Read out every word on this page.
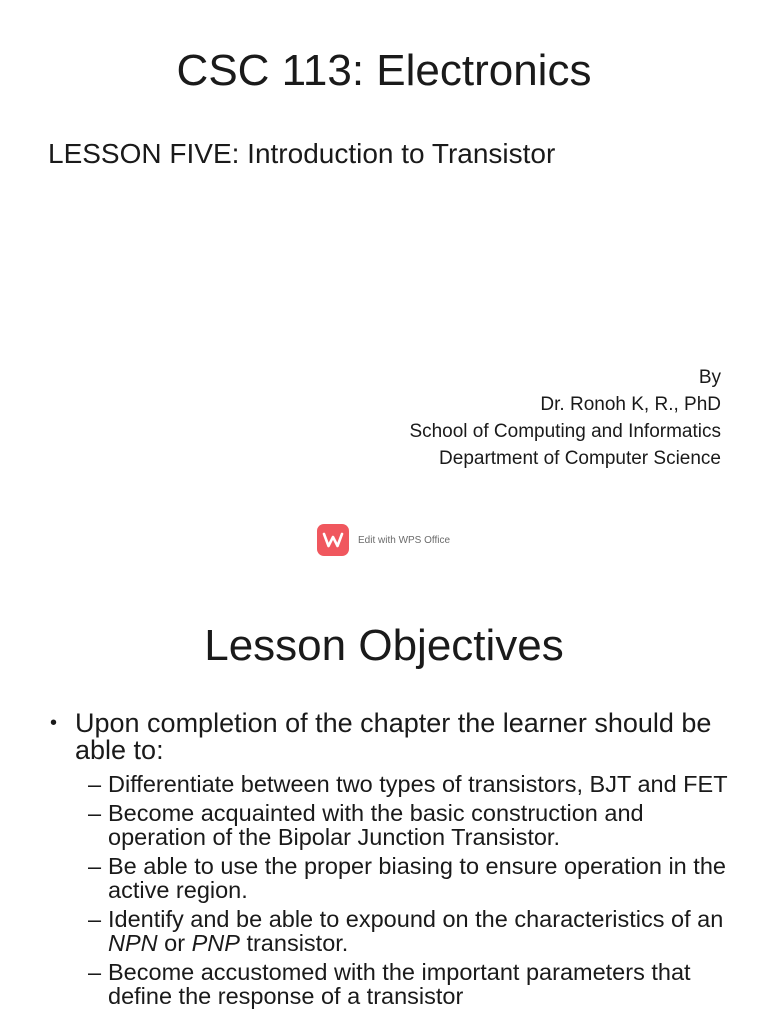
CSC 113: Electronics
LESSON FIVE: Introduction to Transistor
By
Dr. Ronoh K, R., PhD
School of Computing and Informatics
Department of Computer Science
Edit with WPS Office
Lesson Objectives
• Upon completion of the chapter the learner should be able to:
– Differentiate between two types of transistors, BJT and FET
– Become acquainted with the basic construction and operation of the Bipolar Junction Transistor.
– Be able to use the proper biasing to ensure operation in the active region.
– Identify and be able to expound on the characteristics of an NPN or PNP transistor.
– Become accustomed with the important parameters that define the response of a transistor
